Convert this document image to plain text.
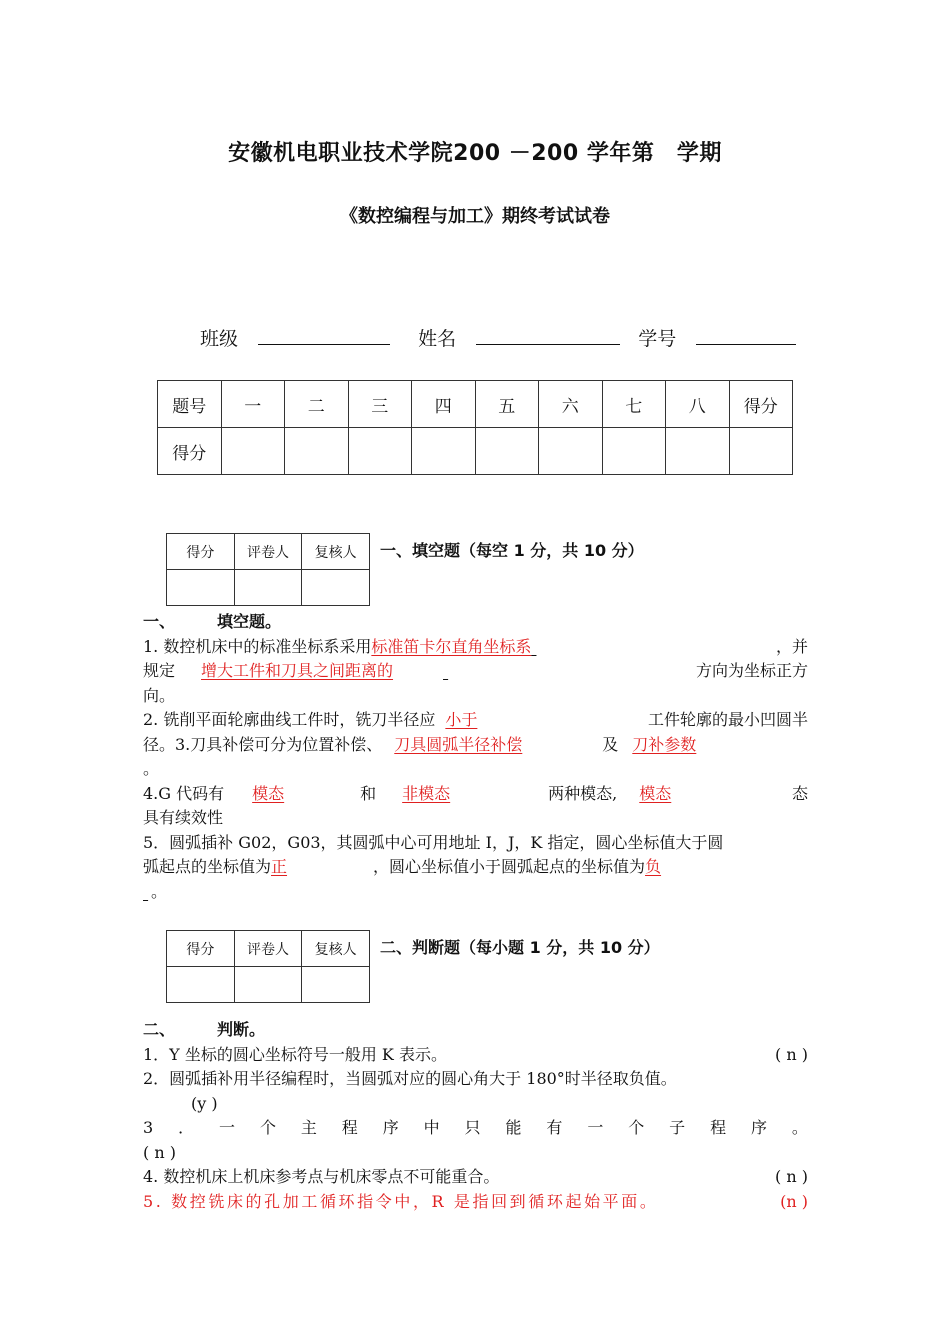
安徽机电职业技术学院200 －200 学年第　学期
《数控编程与加工》期终考试试卷
班级	姓名	学号
题号	一	二	三	四	五	六	七	八	得分
得分									
得分	评卷人	复核人
		一、填空题（每空 1 分，共 10 分）
一、	填空题。
1. 数控机床中的标准坐标系采用标准笛卡尔直角坐标系	，并
规定 增大工件和刀具之间距离的	方向为坐标正方
向。
2. 铣削平面轮廓曲线工件时，铣刀半径应 小于	工件轮廓的最小凹圆半
径。3.刀具补偿可分为位置补偿、 刀具圆弧半径补偿	及 刀补参数
。
4.G 代码有 模态	和 非模态	两种模态, 模态	态
具有续效性
5．圆弧插补 G02，G03，其圆弧中心可用地址 I，J，K 指定，圆心坐标值大于圆
弧起点的坐标值为正	，圆心坐标值小于圆弧起点的坐标值为负
。
得分	评卷人	复核人
		二、判断题（每小题 1 分，共 10 分）
二、	判断。
1．Y 坐标的圆心坐标符号一般用 K 表示。	( n )
2．圆弧插补用半径编程时，当圆弧对应的圆心角大于 180°时半径取负值。
(y )
3 ． 一 个 主 程 序 中 只 能 有 一 个 子 程 序 。
( n )
4. 数控机床上机床参考点与机床零点不可能重合。	( n )
5. 数控铣床的孔加工循环指令中，R 是指回到循环起始平面。	(n )
